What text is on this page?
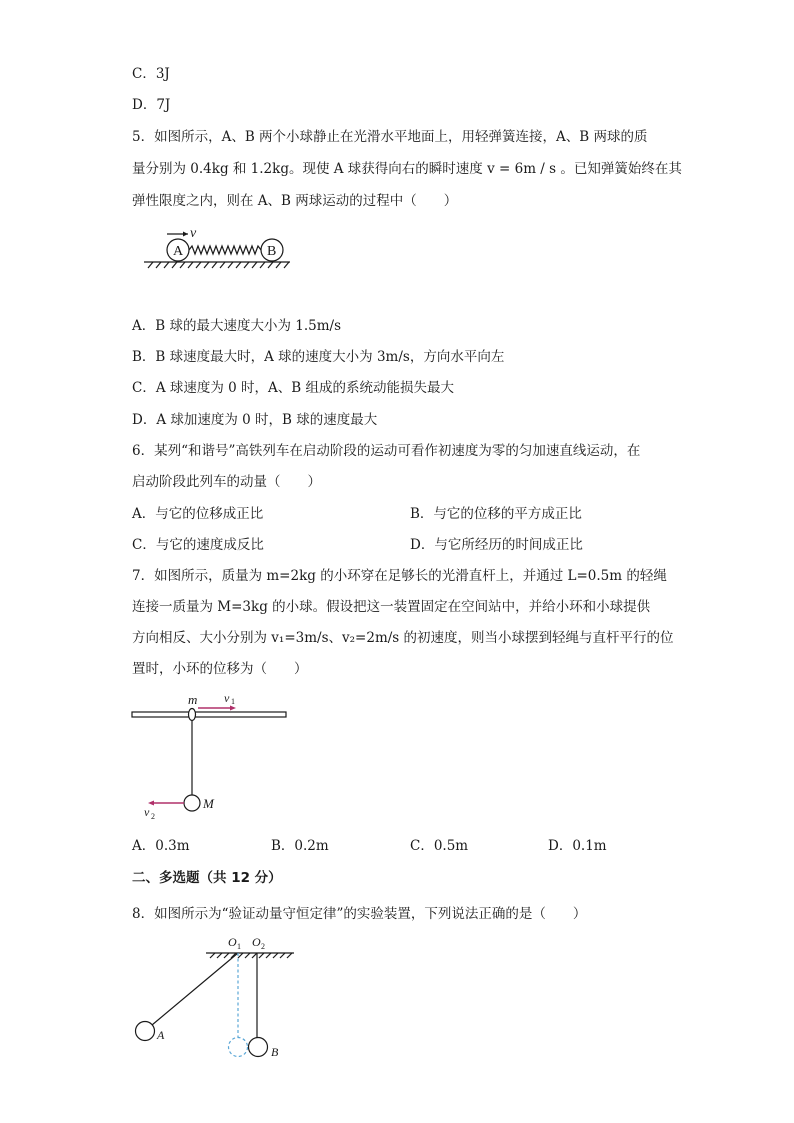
C．3J
D．7J
5．如图所示，A、B 两个小球静止在光滑水平地面上，用轻弹簧连接，A、B 两球的质
量分别为 0.4kg 和 1.2kg。现使 A 球获得向右的瞬时速度 v = 6m / s 。已知弹簧始终在其
弹性限度之内，则在 A、B 两球运动的过程中（　　）
A	B
v
A．B 球的最大速度大小为 1.5m/s
B．B 球速度最大时，A 球的速度大小为 3m/s，方向水平向左
C．A 球速度为 0 时，A、B 组成的系统动能损失最大
D．A 球加速度为 0 时，B 球的速度最大
6．某列“和谐号”高铁列车在启动阶段的运动可看作初速度为零的匀加速直线运动，在
启动阶段此列车的动量（　　）
A．与它的位移成正比	B．与它的位移的平方成正比
C．与它的速度成反比	D．与它所经历的时间成正比
7．如图所示，质量为 m=2kg 的小环穿在足够长的光滑直杆上，并通过 L=0.5m 的轻绳
连接一质量为 M=3kg 的小球。假设把这一装置固定在空间站中，并给小环和小球提供
方向相反、大小分别为 v₁=3m/s、v₂=2m/s 的初速度，则当小球摆到轻绳与直杆平行的位
置时，小环的位移为（　　）
m v 1
M
v 2
A．0.3m	B．0.2m	C．0.5m	D．0.1m
二、多选题（共 12 分）
8．如图所示为“验证动量守恒定律”的实验装置，下列说法正确的是（　　）
O 1 O 2
A
B
